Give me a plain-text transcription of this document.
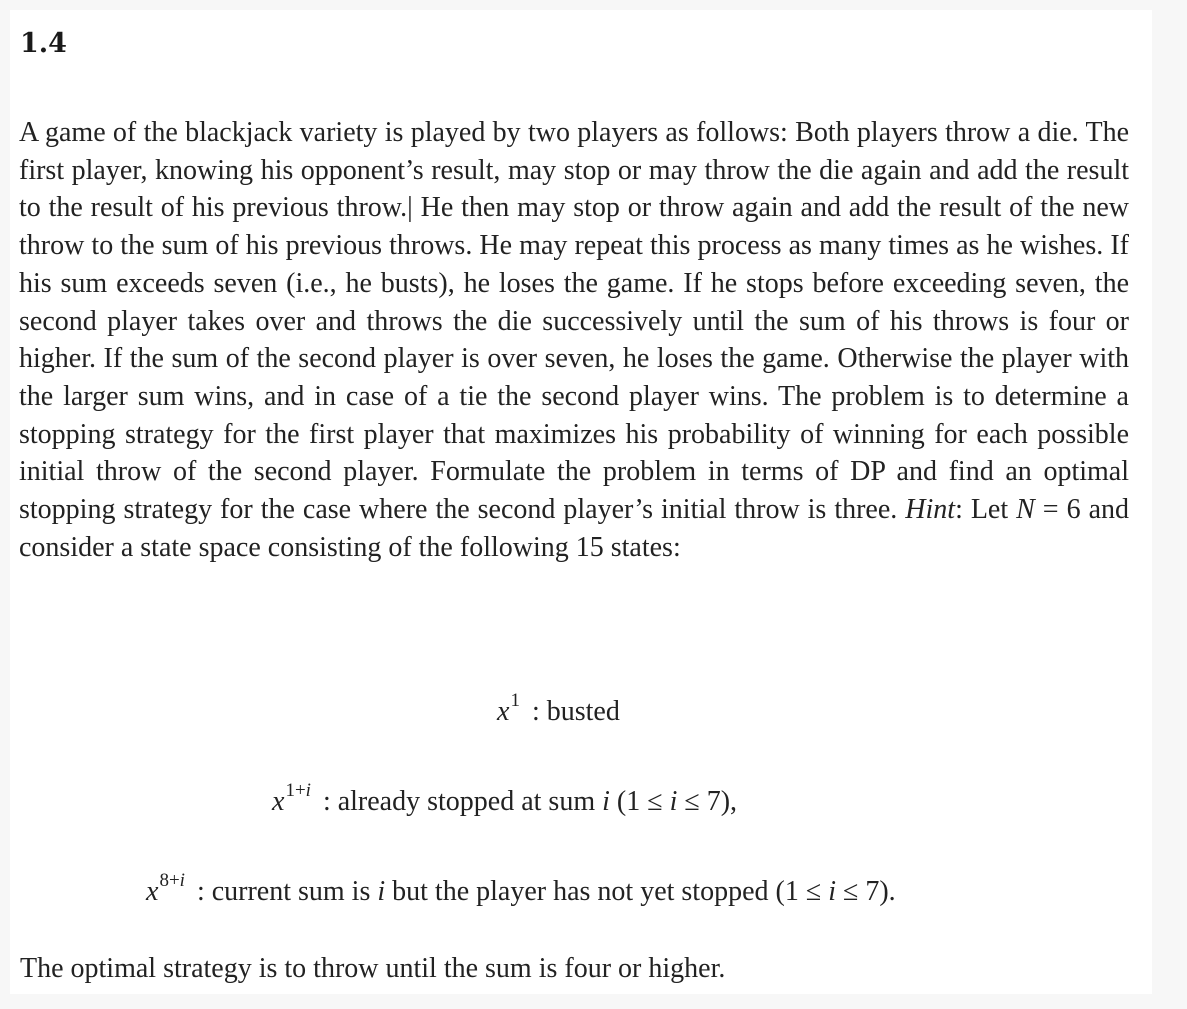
1.4

A game of the blackjack variety is played by two players as follows: Both players throw a die. The first player, knowing his opponent’s result, may stop or may throw the die again and add the result to the result of his previous throw.| He then may stop or throw again and add the result of the new throw to the sum of his previous throws. He may repeat this process as many times as he wishes. If his sum exceeds seven (i.e., he busts), he loses the game. If he stops before exceeding seven, the second player takes over and throws the die successively until the sum of his throws is four or higher. If the sum of the second player is over seven, he loses the game. Otherwise the player with the larger sum wins, and in case of a tie the second player wins. The problem is to determine a stopping strategy for the first player that maximizes his probability of winning for each possible initial throw of the second player. Formulate the problem in terms of DP and find an optimal stopping strategy for the case where the second player’s initial throw is three. Hint: Let N = 6 and consider a state space consisting of the following 15 states:

$x^1$ : busted
$x^{1+i}$ : already stopped at sum i (1 ≤ i ≤ 7),
$x^{8+i}$ : current sum is i but the player has not yet stopped (1 ≤ i ≤ 7).

The optimal strategy is to throw until the sum is four or higher.
